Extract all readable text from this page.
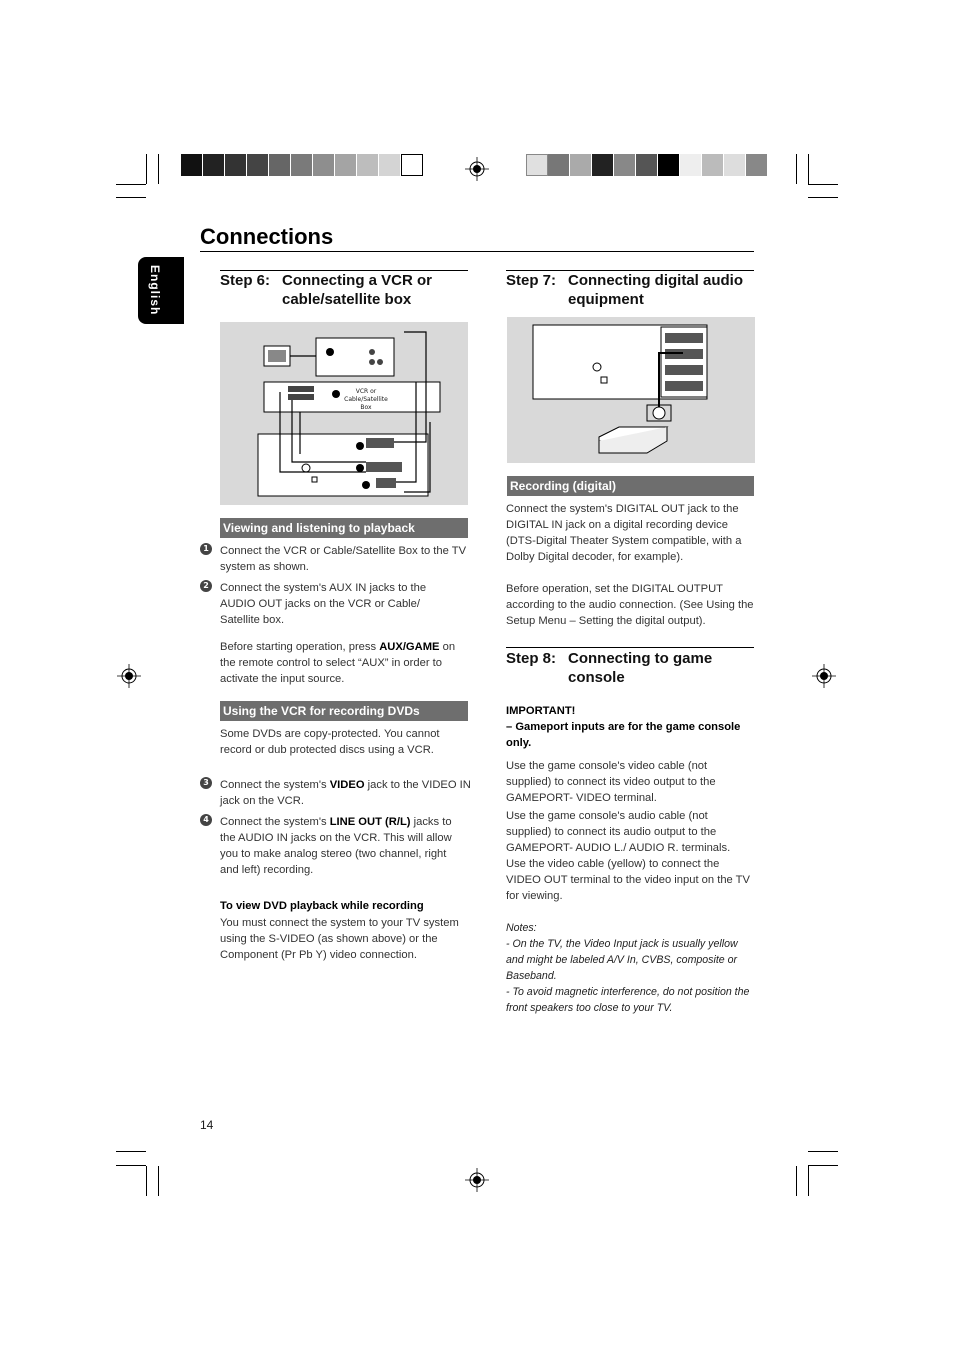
Connections
English	Step 6: Connecting a VCR or
cable/satellite box
VCR or Cable/Satellite Box
Viewing and listening to playback
1 Connect the VCR or Cable/Satellite Box to the TV system as shown.
2 Connect the system's AUX IN jacks to the AUDIO OUT jacks on the VCR or Cable/ Satellite box.
Before starting operation, press AUX/GAME on the remote control to select “AUX” in order to activate the input source.
Using the VCR for recording DVDs
Some DVDs are copy-protected. You cannot record or dub protected discs using a VCR.
3 Connect the system's VIDEO jack to the VIDEO IN jack on the VCR.
4 Connect the system's LINE OUT (R/L) jacks to the AUDIO IN jacks on the VCR. This will allow you to make analog stereo (two channel, right and left) recording.
To view DVD playback while recording
You must connect the system to your TV system using the S-VIDEO (as shown above) or the Component (Pr Pb Y) video connection.
Step 7: Connecting digital audio
equipment
Recording (digital)
Connect the system's DIGITAL OUT jack to the DIGITAL IN jack on a digital recording device (DTS-Digital Theater System compatible, with a Dolby Digital decoder, for example).
Before operation, set the DIGITAL OUTPUT according to the audio connection. (See Using the Setup Menu – Setting the digital output).
Step 8: Connecting to game
console
IMPORTANT!
– Gameport inputs are for the game console only.
Use the game console's video cable (not supplied) to connect its video output to the GAMEPORT- VIDEO terminal.
Use the game console's audio cable (not supplied) to connect its audio output to the GAMEPORT- AUDIO L./ AUDIO R. terminals.
Use the video cable (yellow) to connect the VIDEO OUT terminal to the video input on the TV for viewing.
Notes:
- On the TV, the Video Input jack is usually yellow and might be labeled A/V In, CVBS, composite or Baseband.
- To avoid magnetic interference, do not position the front speakers too close to your TV.
14
